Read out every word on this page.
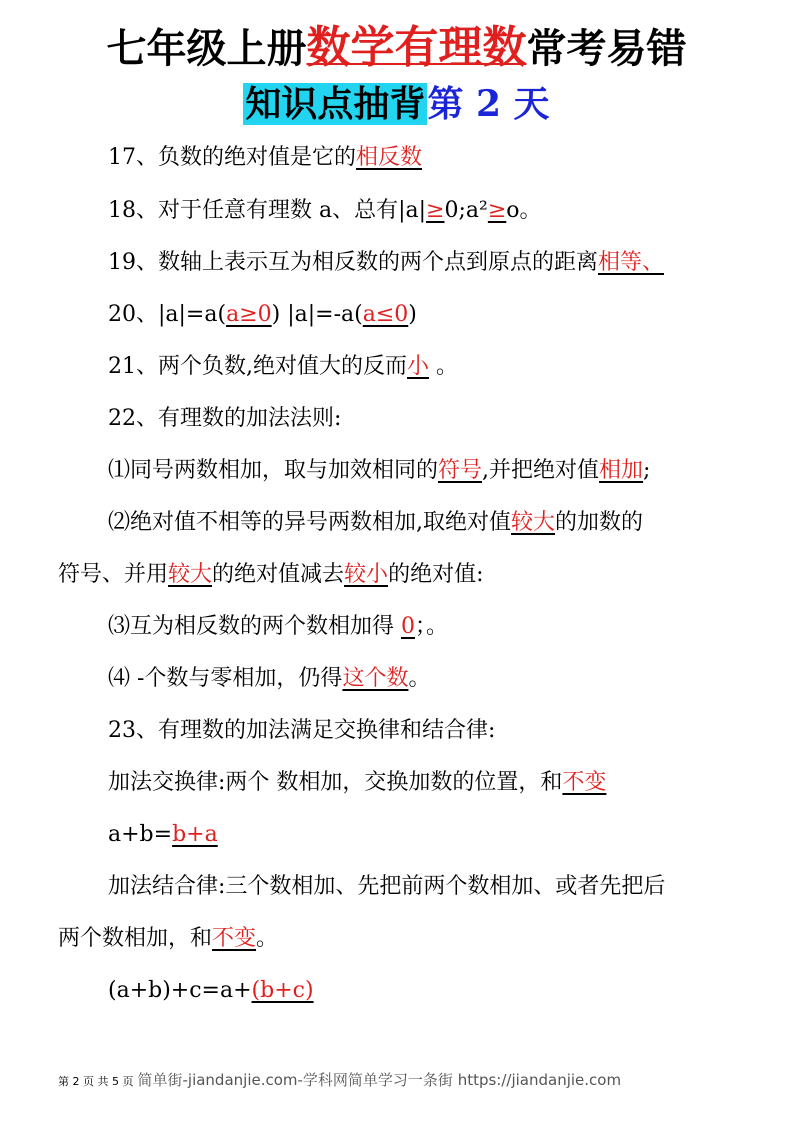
七年级上册数学有理数常考易错
知识点抽背第 2 天
17、负数的绝对值是它的相反数
18、对于任意有理数 a、总有|a|≥0;a²≥o。
19、数轴上表示互为相反数的两个点到原点的距离相等、
20、|a|=a(a≥0) |a|=-a(a≤0)
21、两个负数,绝对值大的反而小 。
22、有理数的加法法则:
⑴同号两数相加，取与加效相同的符号,并把绝对值相加;
⑵绝对值不相等的异号两数相加,取绝对值较大的加数的
符号、并用较大的绝对值减去较小的绝对值:
⑶互为相反数的两个数相加得 0；。
⑷ -个数与零相加，仍得这个数。
23、有理数的加法满足交换律和结合律:
加法交换律:两个 数相加，交换加数的位置，和不变
a+b=b+a
加法结合律:三个数相加、先把前两个数相加、或者先把后
两个数相加，和不变。
(a+b)+c=a+(b+c)
第 2 页 共 5 页 简单街-jiandanjie.com-学科网简单学习一条街 https://jiandanjie.com
